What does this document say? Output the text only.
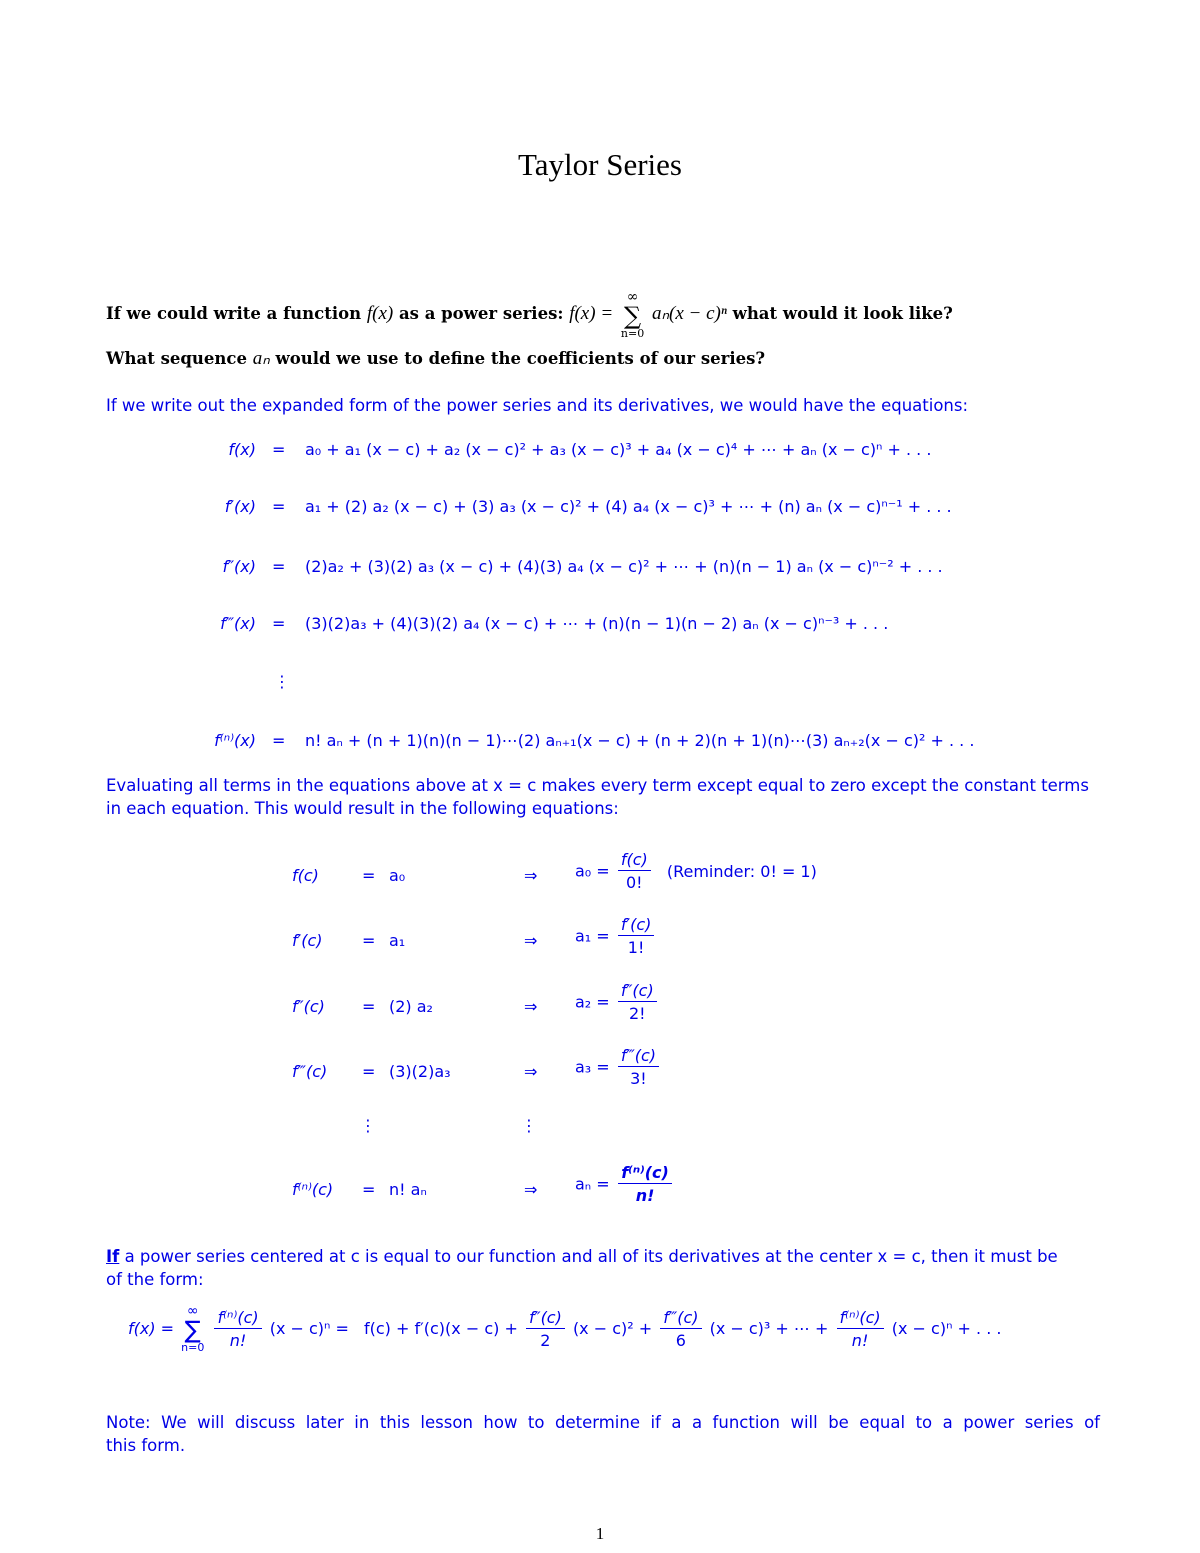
Taylor Series
If we could write a function f(x) as a power series: f(x) =
∞
∑
n=0
aₙ(x − c)ⁿ what would it look like?
What sequence aₙ would we use to define the coefficients of our series?
If we write out the expanded form of the power series and its derivatives, we would have the equations:
f(x) = a₀ + a₁ (x − c) + a₂ (x − c)² + a₃ (x − c)³ + a₄ (x − c)⁴ + ⋯ + aₙ (x − c)ⁿ + . . .
f′(x) = a₁ + (2) a₂ (x − c) + (3) a₃ (x − c)² + (4) a₄ (x − c)³ + ⋯ + (n) aₙ (x − c)ⁿ⁻¹ + . . .
f″(x) = (2)a₂ + (3)(2) a₃ (x − c) + (4)(3) a₄ (x − c)² + ⋯ + (n)(n − 1) aₙ (x − c)ⁿ⁻² + . . .
f‴(x) = (3)(2)a₃ + (4)(3)(2) a₄ (x − c) + ⋯ + (n)(n − 1)(n − 2) aₙ (x − c)ⁿ⁻³ + . . .
⋮
f⁽ⁿ⁾(x) = n! aₙ + (n + 1)(n)(n − 1)⋯(2) aₙ₊₁(x − c) + (n + 2)(n + 1)(n)⋯(3) aₙ₊₂(x − c)² + . . .
Evaluating all terms in the equations above at x = c makes every term except equal to zero except the constant terms
in each equation. This would result in the following equations:
f(c)	= a₀	⇒ $a_0 = \frac{f(c)}{0!}$ (Reminder: 0! = 1)
f′(c) = a₁	⇒ $a_1 = \frac{f'(c)}{1!}$
f″(c) = (2) a₂	⇒ $a_2 = \frac{f''(c)}{2!}$
f‴(c) = (3)(2)a₃	⇒ $a_3 = \frac{f‴(c)}{3!}$
⋮	⋮
f⁽ⁿ⁾(c) = n! aₙ	⇒ $a_n = \frac{\text{f⁽ⁿ⁾(c)}}{n!}$
If a power series centered at c is equal to our function and all of its derivatives at the center x = c, then it must be
of the form:
f(x) =
∞
∑
n=0
$\frac{\text{f⁽ⁿ⁾(c)}}{n!} (x - c)^n = f(c) + f'(c)(x - c) + \frac{f''(c)}{2} (x - c)^2 + \frac{f‴(c)}{6} (x - c)^3$ + ⋯ + $\frac{\text{f⁽ⁿ⁾(c)}}{n!} (x - c)^n$ + . . .
Note:  We  will  discuss  later  in  this  lesson  how  to  determine  if  a  a  function  will  be  equal  to  a  power  series  of
this form.
1
